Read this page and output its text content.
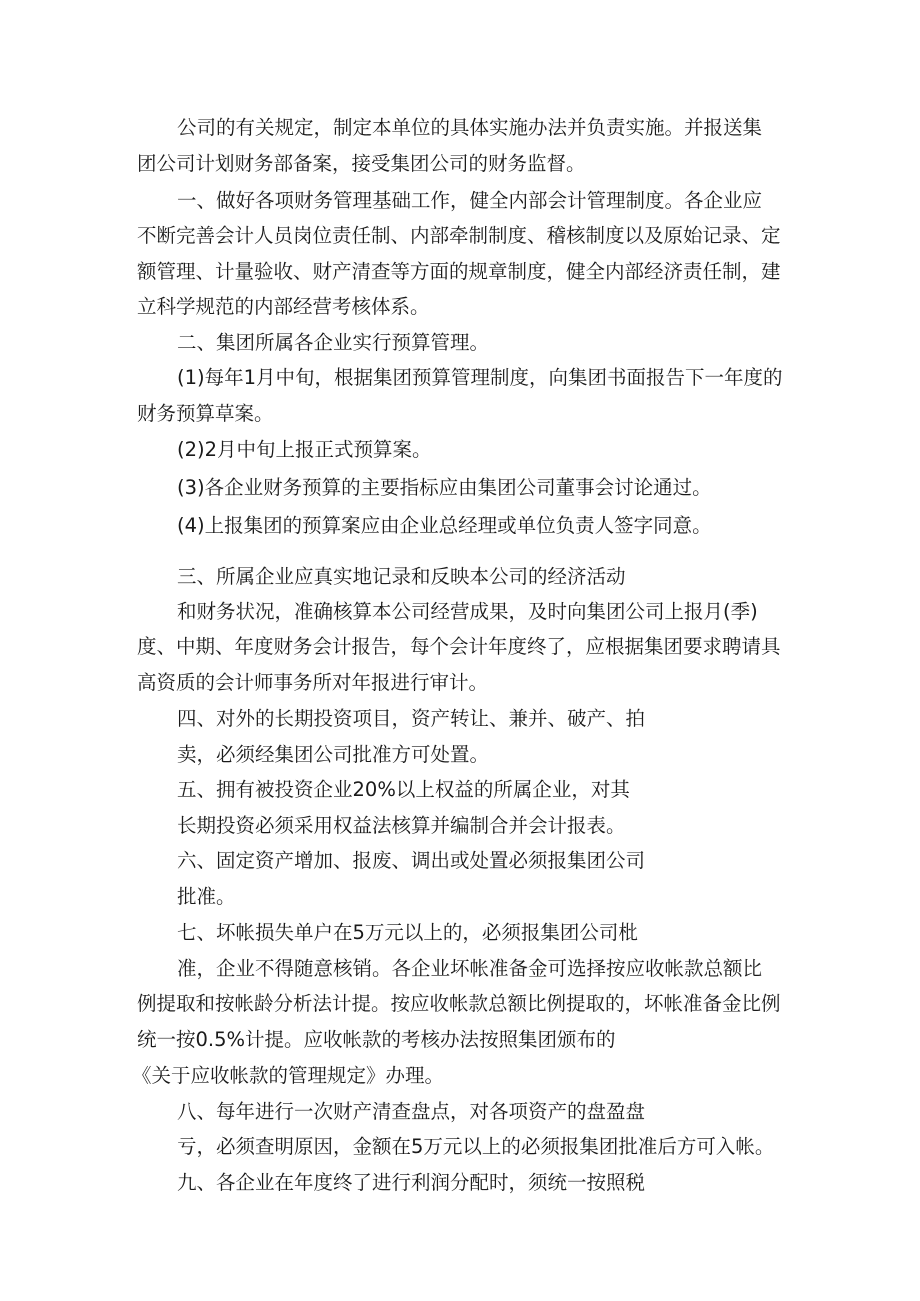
公司的有关规定，制定本单位的具体实施办法并负责实施。并报送集
团公司计划财务部备案，接受集团公司的财务监督。
一、做好各项财务管理基础工作，健全内部会计管理制度。各企业应
不断完善会计人员岗位责任制、内部牵制制度、稽核制度以及原始记录、定
额管理、计量验收、财产清查等方面的规章制度，健全内部经济责任制，建
立科学规范的内部经营考核体系。
二、集团所属各企业实行预算管理。
(1)每年1月中旬，根据集团预算管理制度，向集团书面报告下一年度的
财务预算草案。
(2)2月中旬上报正式预算案。
(3)各企业财务预算的主要指标应由集团公司董事会讨论通过。
(4)上报集团的预算案应由企业总经理或单位负责人签字同意。
三、所属企业应真实地记录和反映本公司的经济活动
和财务状况，准确核算本公司经营成果，及时向集团公司上报月(季)
度、中期、年度财务会计报告，每个会计年度终了，应根据集团要求聘请具
高资质的会计师事务所对年报进行审计。
四、对外的长期投资项目，资产转让、兼并、破产、拍
卖，必须经集团公司批准方可处置。
五、拥有被投资企业20%以上权益的所属企业，对其
长期投资必须采用权益法核算并编制合并会计报表。
六、固定资产增加、报废、调出或处置必须报集团公司
批准。
七、坏帐损失单户在5万元以上的，必须报集团公司枇
准，企业不得随意核销。各企业坏帐准备金可选择按应收帐款总额比
例提取和按帐龄分析法计提。按应收帐款总额比例提取的，坏帐准备金比例
统一按0.5%计提。应收帐款的考核办法按照集团颁布的
《关于应收帐款的管理规定》办理。
八、每年进行一次财产清查盘点，对各项资产的盘盈盘
亏，必须查明原因，金额在5万元以上的必须报集团批准后方可入帐。
九、各企业在年度终了进行利润分配时，须统一按照税
